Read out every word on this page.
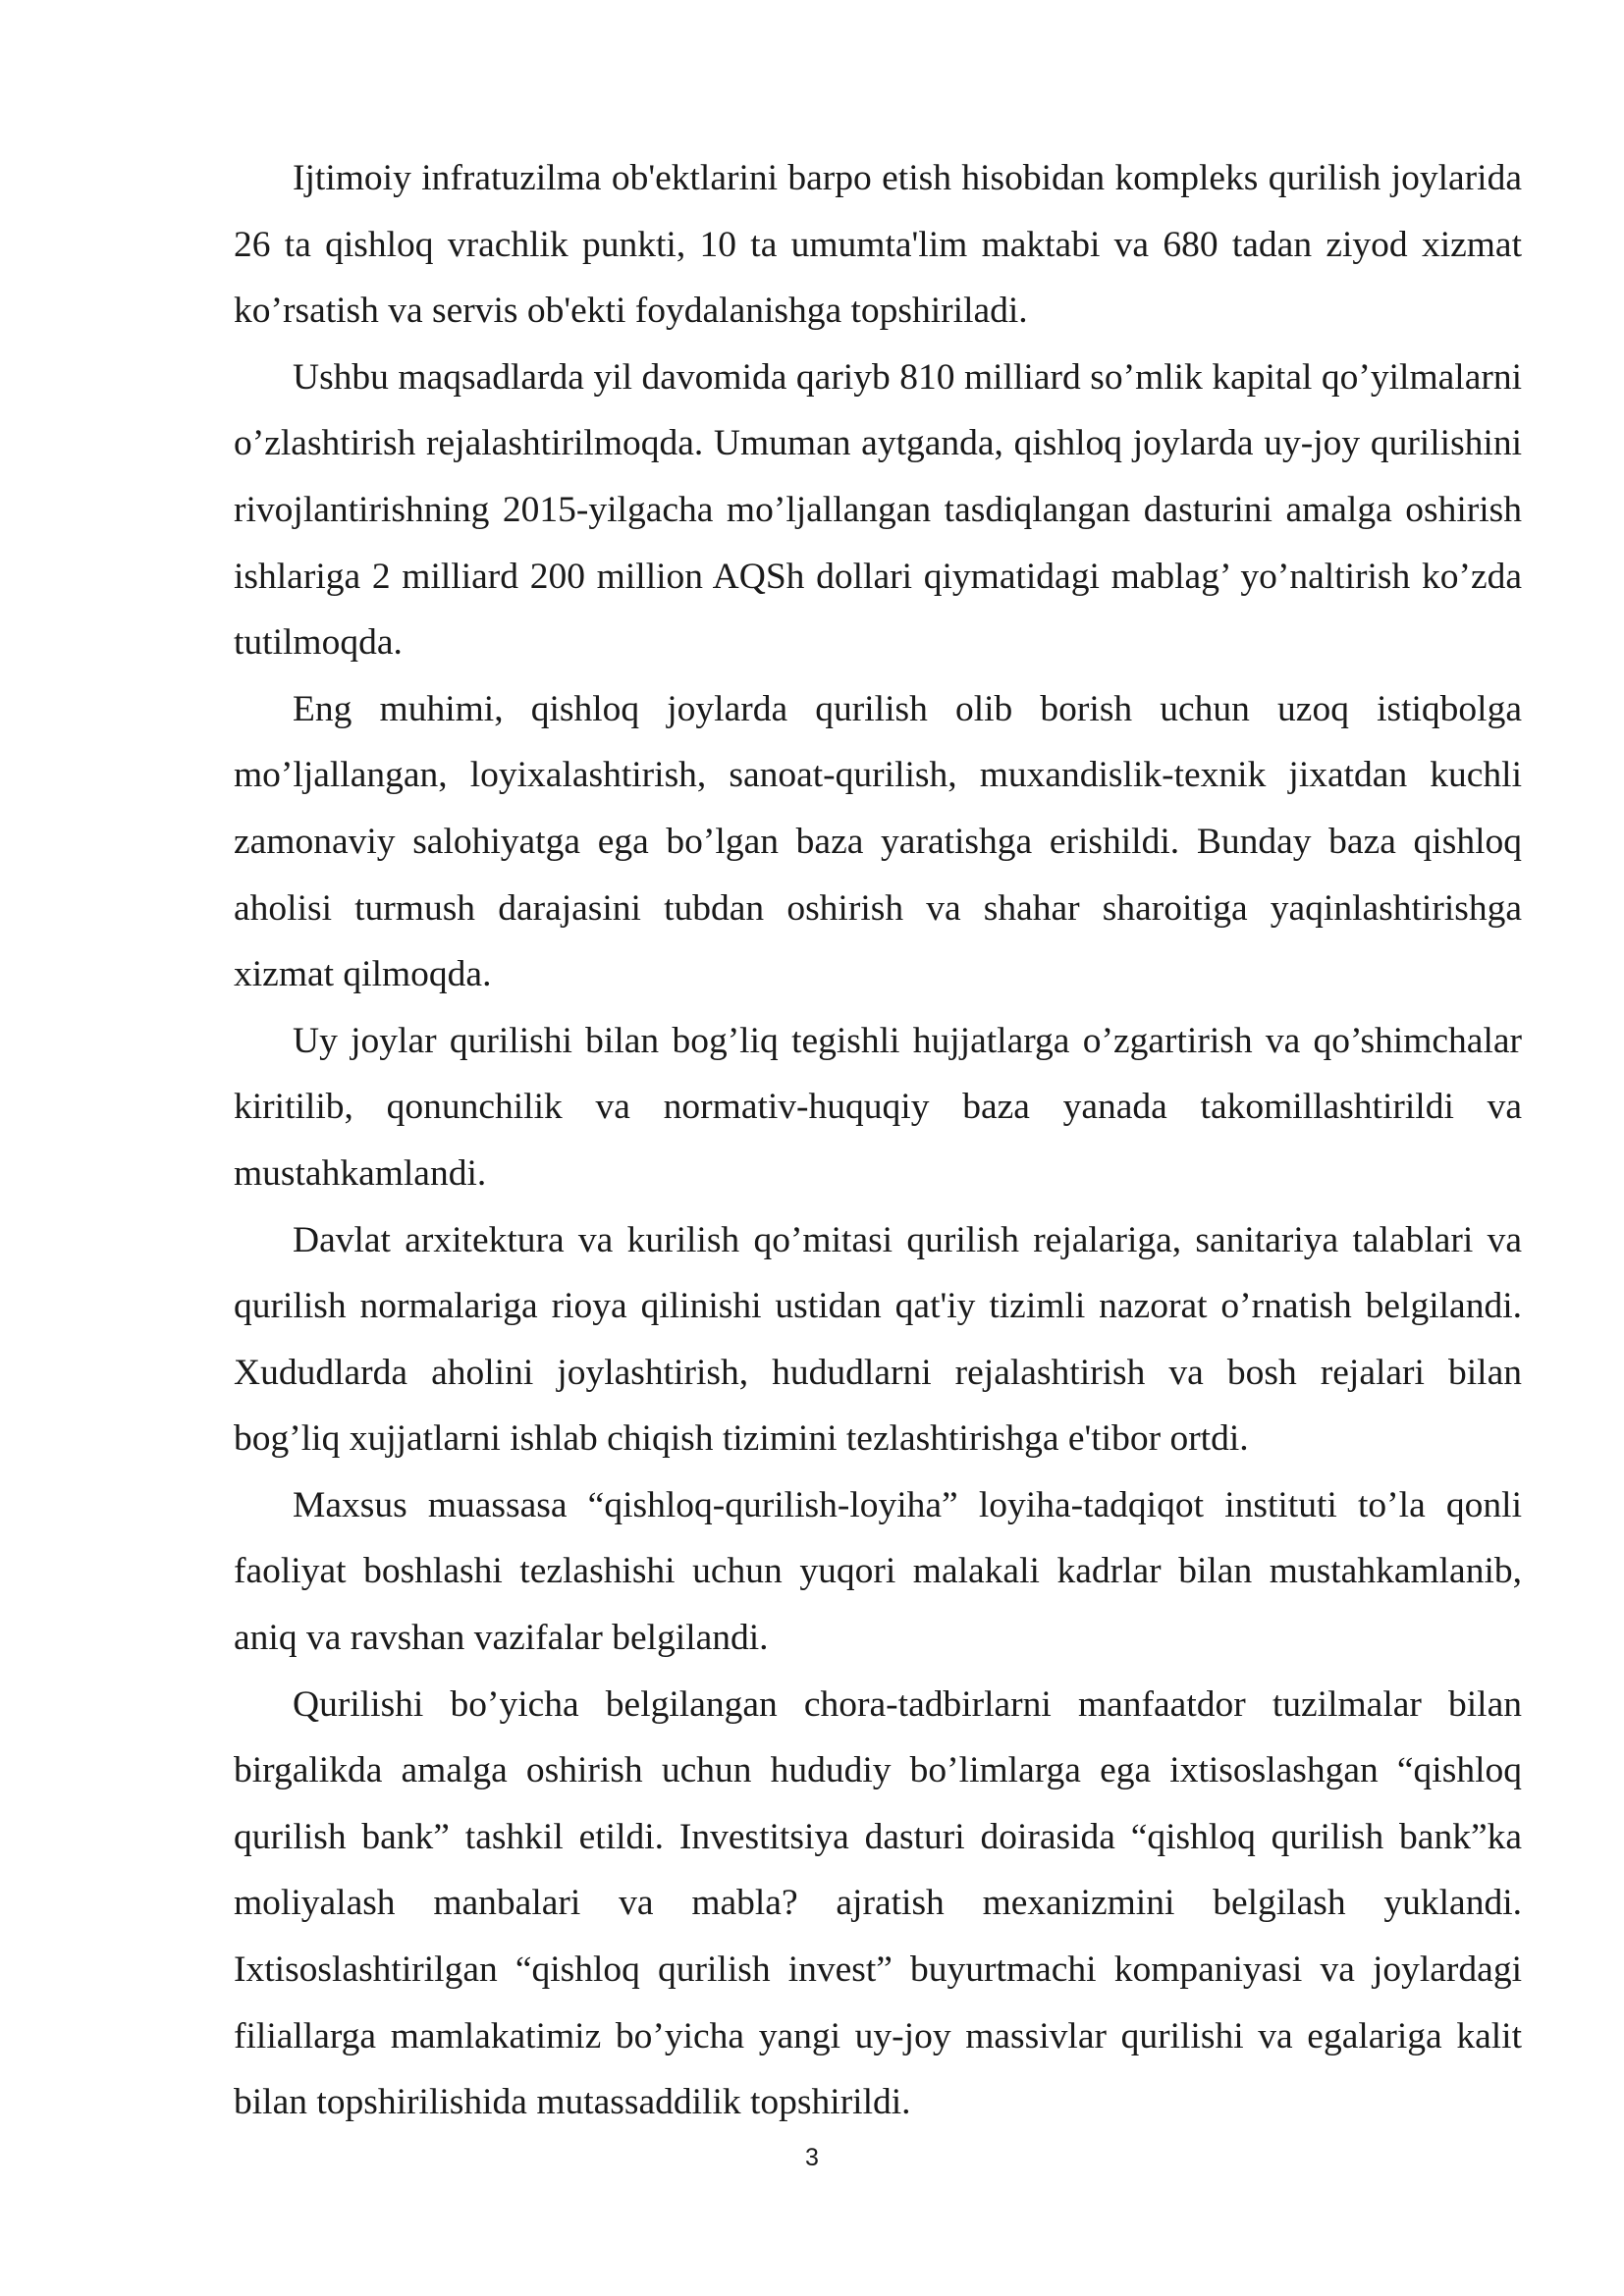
Ijtimoiy infratuzilma ob'ektlarini barpo etish hisobidan kompleks qurilish joylarida 26 ta qishloq vrachlik punkti, 10 ta umumta'lim maktabi va 680 tadan ziyod xizmat ko’rsatish va servis ob'ekti foydalanishga topshiriladi.

Ushbu maqsadlarda yil davomida qariyb 810 milliard so’mlik kapital qo’yilmalarni o’zlashtirish rejalashtirilmoqda. Umuman aytganda, qishloq joylarda uy-joy qurilishini rivojlantirishning 2015-yilgacha mo’ljallangan tasdiqlangan dasturini amalga oshirish ishlariga 2 milliard 200 million AQSh dollari qiymatidagi mablag’ yo’naltirish ko’zda tutilmoqda.

Eng muhimi, qishloq joylarda qurilish olib borish uchun uzoq istiqbolga mo’ljallangan, loyixalashtirish, sanoat-qurilish, muxandislik-texnik jixatdan kuchli zamonaviy salohiyatga ega bo’lgan baza yaratishga erishildi. Bunday baza qishloq aholisi turmush darajasini tubdan oshirish va shahar sharoitiga yaqinlashtirishga xizmat qilmoqda.

Uy joylar qurilishi bilan bog’liq tegishli hujjatlarga o’zgartirish va qo’shimchalar kiritilib, qonunchilik va normativ-huquqiy baza yanada takomillashtirildi va mustahkamlandi.

Davlat arxitektura va kurilish qo’mitasi qurilish rejalariga, sanitariya talablari va qurilish normalariga rioya qilinishi ustidan qat'iy tizimli nazorat o’rnatish belgilandi. Xududlarda aholini joylashtirish, hududlarni rejalashtirish va bosh rejalari bilan bog’liq xujjatlarni ishlab chiqish tizimini tezlashtirishga e'tibor ortdi.

Maxsus muassasa “qishloq-qurilish-loyiha” loyiha-tadqiqot instituti to’la qonli faoliyat boshlashi tezlashishi uchun yuqori malakali kadrlar bilan mustahkamlanib, aniq va ravshan vazifalar belgilandi.

Qurilishi bo’yicha belgilangan chora-tadbirlarni manfaatdor tuzilmalar bilan birgalikda amalga oshirish uchun hududiy bo’limlarga ega ixtisoslashgan “qishloq qurilish bank” tashkil etildi. Investitsiya dasturi doirasida “qishloq qurilish bank”ka moliyalash manbalari va mabla? ajratish mexanizmini belgilash yuklandi. Ixtisoslashtirilgan “qishloq qurilish invest” buyurtmachi kompaniyasi va joylardagi filiallarga mamlakatimiz bo’yicha yangi uy-joy massivlar qurilishi va egalariga kalit bilan topshirilishida mutassaddilik topshirildi.

3
